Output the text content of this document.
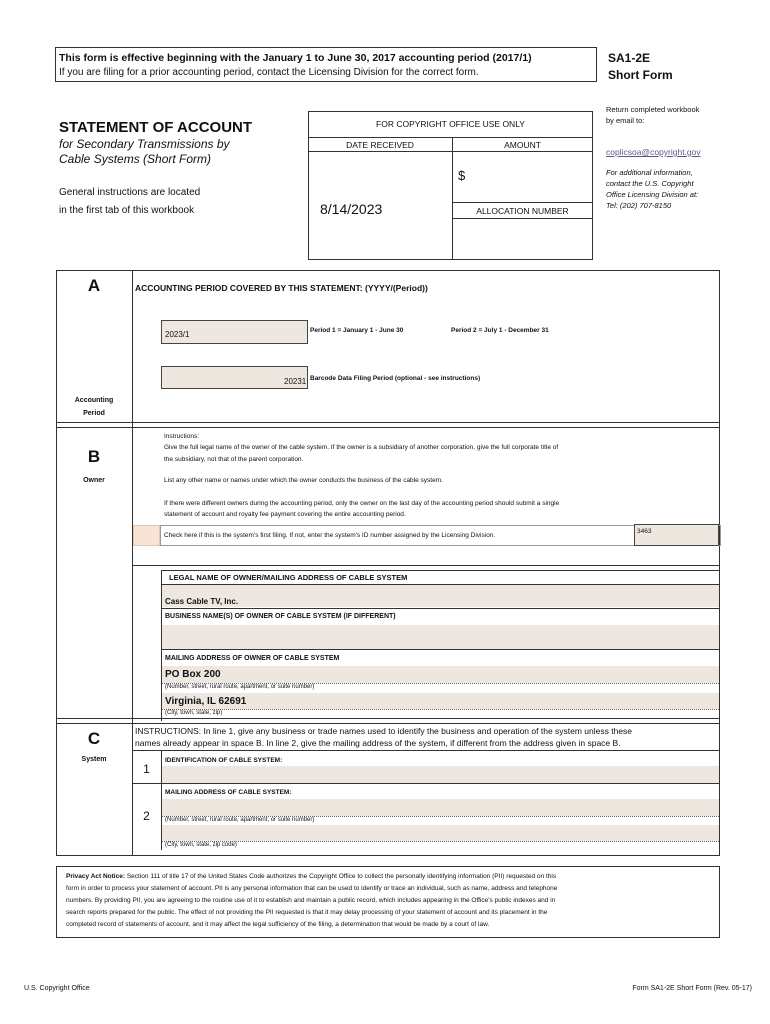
This form is effective beginning with the January 1 to June 30, 2017 accounting period (2017/1)
If you are filing for a prior accounting period, contact the Licensing Division for the correct form.
SA1-2E
Short Form
STATEMENT OF ACCOUNT
for Secondary Transmissions by
Cable Systems (Short Form)
General instructions are located
in the first tab of this workbook
FOR COPYRIGHT OFFICE USE ONLY
DATE RECEIVED	AMOUNT
$
8/14/2023	ALLOCATION NUMBER
Return completed workbook
by email to:
coplicsoa@copyright.gov
For additional information,
contact the U.S. Copyright
Office Licensing Division at:
Tel: (202) 707-8150
A	ACCOUNTING PERIOD COVERED BY THIS STATEMENT: (YYYY/(Period))
2023/1	Period 1 = January 1 - June 30	Period 2 = July 1 - December 31
20231 Barcode Data Filing Period (optional - see instructions)
Accounting
Period
B
Owner
Instructions:
Give the full legal name of the owner of the cable system. If the owner is a subsidiary of another corporation, give the full corporate title of
the subsidiary, not that of the parent corporation.
List any other name or names under which the owner conducts the business of the cable system.
If there were different owners during the accounting period, only the owner on the last day of the accounting period should submit a single
statement of account and royalty fee payment covering the entire accounting period.
Check here if this is the system's first filing. If not, enter the system's ID number assigned by the Licensing Division.
3463
LEGAL NAME OF OWNER/MAILING ADDRESS OF CABLE SYSTEM
Cass Cable TV, Inc.
BUSINESS NAME(S) OF OWNER OF CABLE SYSTEM (IF DIFFERENT)
MAILING ADDRESS OF OWNER OF CABLE SYSTEM
PO Box 200
(Number, street, rural route, apartment, or suite number)
Virginia, IL 62691
(City, town, state, zip)
C
System
INSTRUCTIONS: In line 1, give any business or trade names used to identify the business and operation of the system unless these
names already appear in space B. In line 2, give the mailing address of the system, if different from the address given in space B.
1
IDENTIFICATION OF CABLE SYSTEM:
2
MAILING ADDRESS OF CABLE SYSTEM:
(Number, street, rural route, apartment, or suite number)
(City, town, state, zip code)
Privacy Act Notice: Section 111 of title 17 of the United States Code authorizes the Copyright Office to collect the personally identifying information (PII) requested on this
form in order to process your statement of account. PII is any personal information that can be used to identify or trace an individual, such as name, address and telephone
numbers. By providing PII, you are agreeing to the routine use of it to establish and maintain a public record, which includes appearing in the Office's public indexes and in
search reports prepared for the public. The effect of not providing the PII requested is that it may delay processing of your statement of account and its placement in the
completed record of statements of account, and it may affect the legal sufficiency of the filing, a determination that would be made by a court of law.
U.S. Copyright Office	Form SA1-2E Short Form (Rev. 05-17)
